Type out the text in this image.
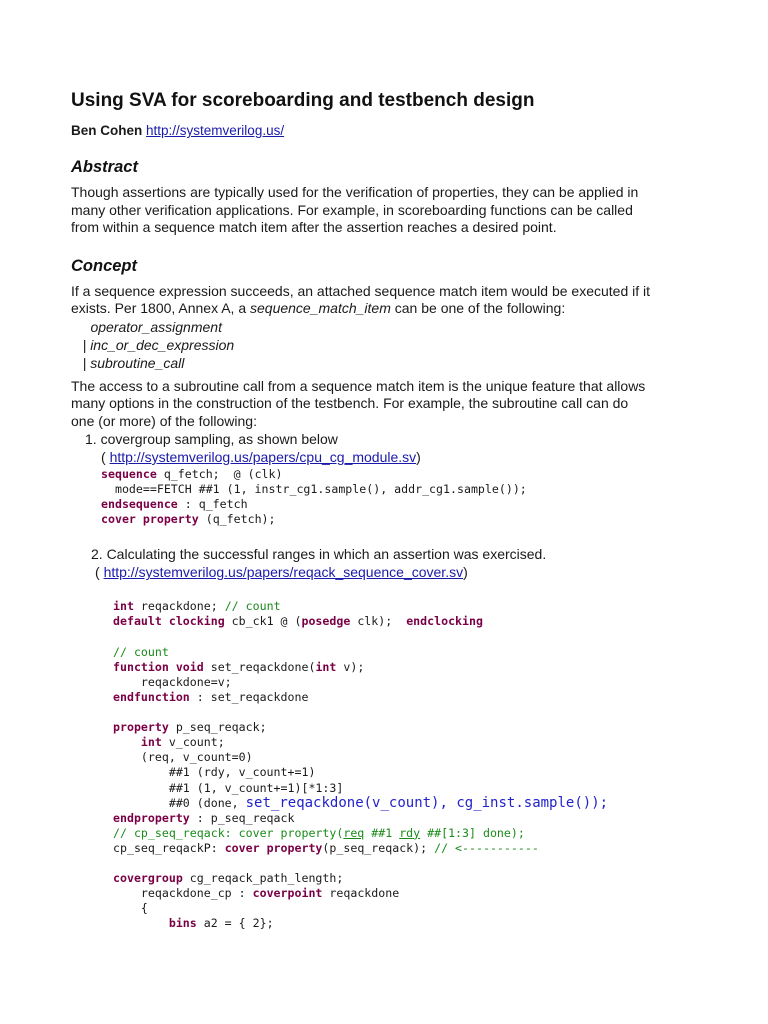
Using SVA for scoreboarding and testbench design
Ben Cohen http://systemverilog.us/
Abstract

Though assertions are typically used for the verification of properties, they can be applied in

many other verification applications. For example, in scoreboarding functions can be called

from within a sequence match item after the assertion reaches a desired point.

Concept

If a sequence expression succeeds, an attached sequence match item would be executed if it

exists. Per 1800, Annex A, a sequence_match_item can be one of the following:

operator_assignment
| inc_or_dec_expression
| subroutine_call

The access to a subroutine call from a sequence match item is the unique feature that allows

many options in the construction of the testbench. For example, the subroutine call can do

one (or more) of the following:

1. covergroup sampling, as shown below
( http://systemverilog.us/papers/cpu_cg_module.sv)
sequence q_fetch;  @ (clk)
mode==FETCH ##1 (1, instr_cg1.sample(), addr_cg1.sample());
endsequence : q_fetch
cover property (q_fetch);
2. Calculating the successful ranges in which an assertion was exercised.
( http://systemverilog.us/papers/reqack_sequence_cover.sv)
int reqackdone; // count
default clocking cb_ck1 @ (posedge clk);  endclocking

// count
function void set_reqackdone(int v);
reqackdone=v;
endfunction : set_reqackdone

property p_seq_reqack;
int v_count;
(req, v_count=0)
##1 (rdy, v_count+=1)
##1 (1, v_count+=1)[*1:3]
##0 (done, set_reqackdone(v_count), cg_inst.sample());
endproperty : p_seq_reqack
// cp_seq_reqack: cover property(req ##1 rdy ##[1:3] done);
cp_seq_reqackP: cover property(p_seq_reqack); // <-----------

covergroup cg_reqack_path_length;
reqackdone_cp : coverpoint reqackdone
{
bins a2 = { 2};
